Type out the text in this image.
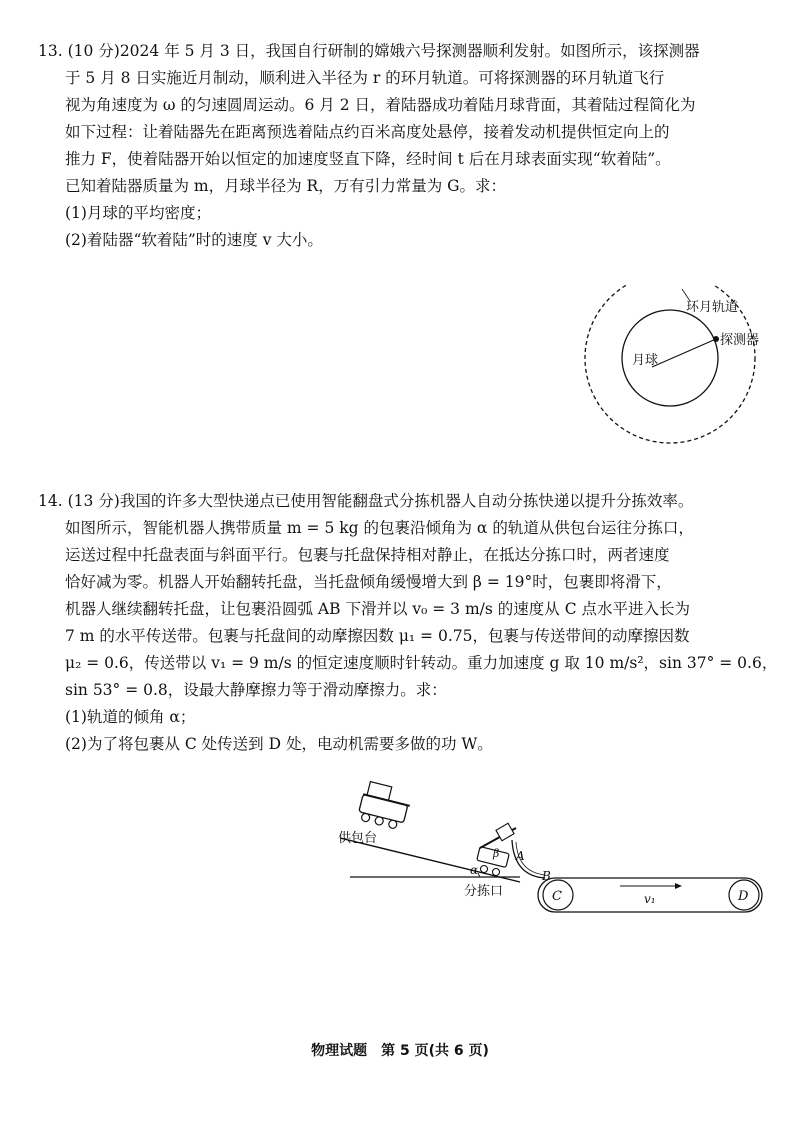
13. (10 分)2024 年 5 月 3 日，我国自行研制的嫦娥六号探测器顺利发射。如图所示，该探测器
于 5 月 8 日实施近月制动，顺利进入半径为 r 的环月轨道。可将探测器的环月轨道飞行
视为角速度为 ω 的匀速圆周运动。6 月 2 日，着陆器成功着陆月球背面，其着陆过程简化为
如下过程：让着陆器先在距离预选着陆点约百米高度处悬停，接着发动机提供恒定向上的
推力 F，使着陆器开始以恒定的加速度竖直下降，经时间 t 后在月球表面实现“软着陆”。
已知着陆器质量为 m，月球半径为 R，万有引力常量为 G。求：
(1)月球的平均密度；
(2)着陆器“软着陆”时的速度 v 大小。
环月轨道
月球
探测器
14. (13 分)我国的许多大型快递点已使用智能翻盘式分拣机器人自动分拣快递以提升分拣效率。
如图所示，智能机器人携带质量 m = 5 kg 的包裹沿倾角为 α 的轨道从供包台运往分拣口，
运送过程中托盘表面与斜面平行。包裹与托盘保持相对静止，在抵达分拣口时，两者速度
恰好减为零。机器人开始翻转托盘，当托盘倾角缓慢增大到 β = 19°时，包裹即将滑下，
机器人继续翻转托盘，让包裹沿圆弧 AB 下滑并以 v₀ = 3 m/s 的速度从 C 点水平进入长为
7 m 的水平传送带。包裹与托盘间的动摩擦因数 μ₁ = 0.75，包裹与传送带间的动摩擦因数
μ₂ = 0.6，传送带以 v₁ = 9 m/s 的恒定速度顺时针转动。重力加速度 g 取 10 m/s²，sin 37° = 0.6，
sin 53° = 0.8，设最大静摩擦力等于滑动摩擦力。求：
(1)轨道的倾角 α；
(2)为了将包裹从 C 处传送到 D 处，电动机需要多做的功 W。
α
供包台
β A
B
分拣口	C	D
v₁
物理试题　第 5 页(共 6 页)
